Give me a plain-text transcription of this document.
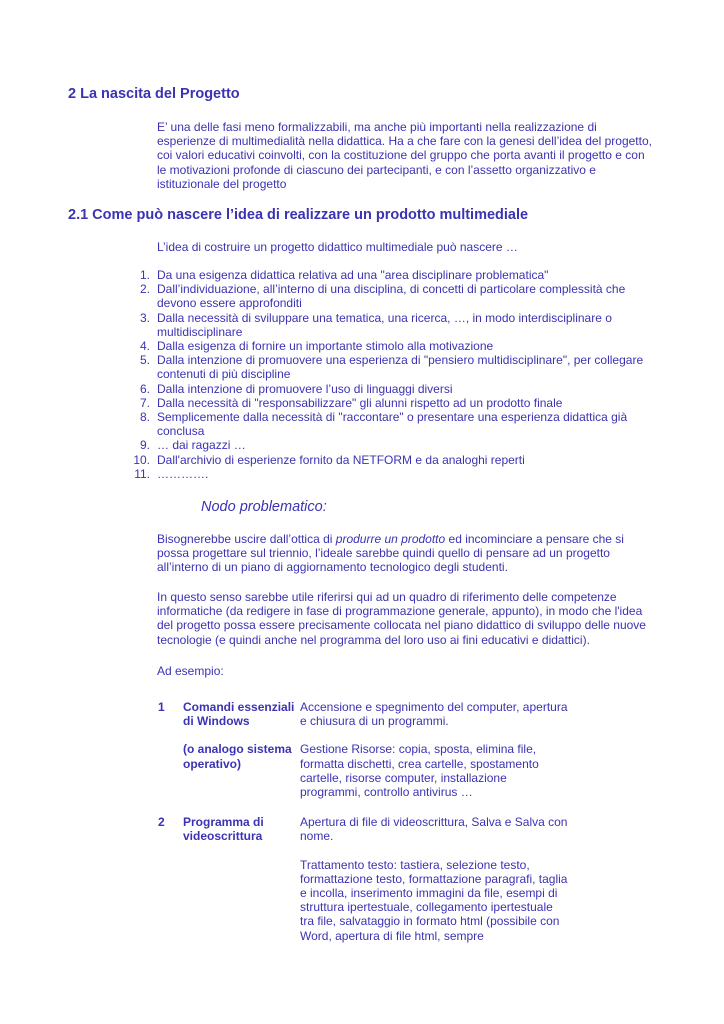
2 La nascita del Progetto

E’ una delle fasi meno formalizzabili, ma anche più importanti nella realizzazione di esperienze di multimedialità nella didattica. Ha a che fare con la genesi dell’idea del progetto, coi valori educativi coinvolti, con la costituzione del gruppo che porta avanti il progetto e con le motivazioni profonde di ciascuno dei partecipanti, e con l’assetto organizzativo e istituzionale del progetto

2.1 Come può nascere l’idea di realizzare un prodotto multimediale

L’idea di costruire un progetto didattico multimediale può nascere …

1. Da una esigenza didattica relativa ad una "area disciplinare problematica"
2. Dall’individuazione, all’interno di una disciplina, di concetti di particolare complessità che devono essere approfonditi
3. Dalla necessità di sviluppare una tematica, una ricerca, …, in modo interdisciplinare o multidisciplinare
4. Dalla esigenza di fornire un importante stimolo alla motivazione
5. Dalla intenzione di promuovere una esperienza di "pensiero multidisciplinare", per collegare contenuti di più discipline
6. Dalla intenzione di promuovere l’uso di linguaggi diversi
7. Dalla necessità di "responsabilizzare" gli alunni rispetto ad un prodotto finale
8. Semplicemente dalla necessità di "raccontare" o presentare una esperienza didattica già conclusa
9. … dai ragazzi …
10. Dall'archivio di esperienze fornito da NETFORM e da analoghi reperti
11. ………….

Nodo problematico:

Bisognerebbe uscire dall’ottica di produrre un prodotto ed incominciare a pensare che si possa progettare sul triennio, l’ideale sarebbe quindi quello di pensare ad un progetto all’interno di un piano di aggiornamento tecnologico degli studenti.

In questo senso sarebbe utile riferirsi qui ad un quadro di riferimento delle competenze informatiche (da redigere in fase di programmazione generale, appunto), in modo che l'idea del progetto possa essere precisamente collocata nel piano didattico di sviluppo delle nuove tecnologie (e quindi anche nel programma del loro uso ai fini educativi e didattici).

Ad esempio:

1	Comandi essenziali di Windows
(o analogo sistema operativo)
Accensione e spegnimento del computer, apertura e chiusura di un programmi.
Gestione Risorse: copia, sposta, elimina file, formatta dischetti, crea cartelle, spostamento cartelle, risorse computer, installazione programmi, controllo antivirus …
2	Programma di videoscrittura
Apertura di file di videoscrittura, Salva e Salva con nome.
Trattamento testo: tastiera, selezione testo, formattazione testo, formattazione paragrafi, taglia e incolla, inserimento immagini da file, esempi di struttura ipertestuale, collegamento ipertestuale tra file, salvataggio in formato html (possibile con Word, apertura di file html, sempre
